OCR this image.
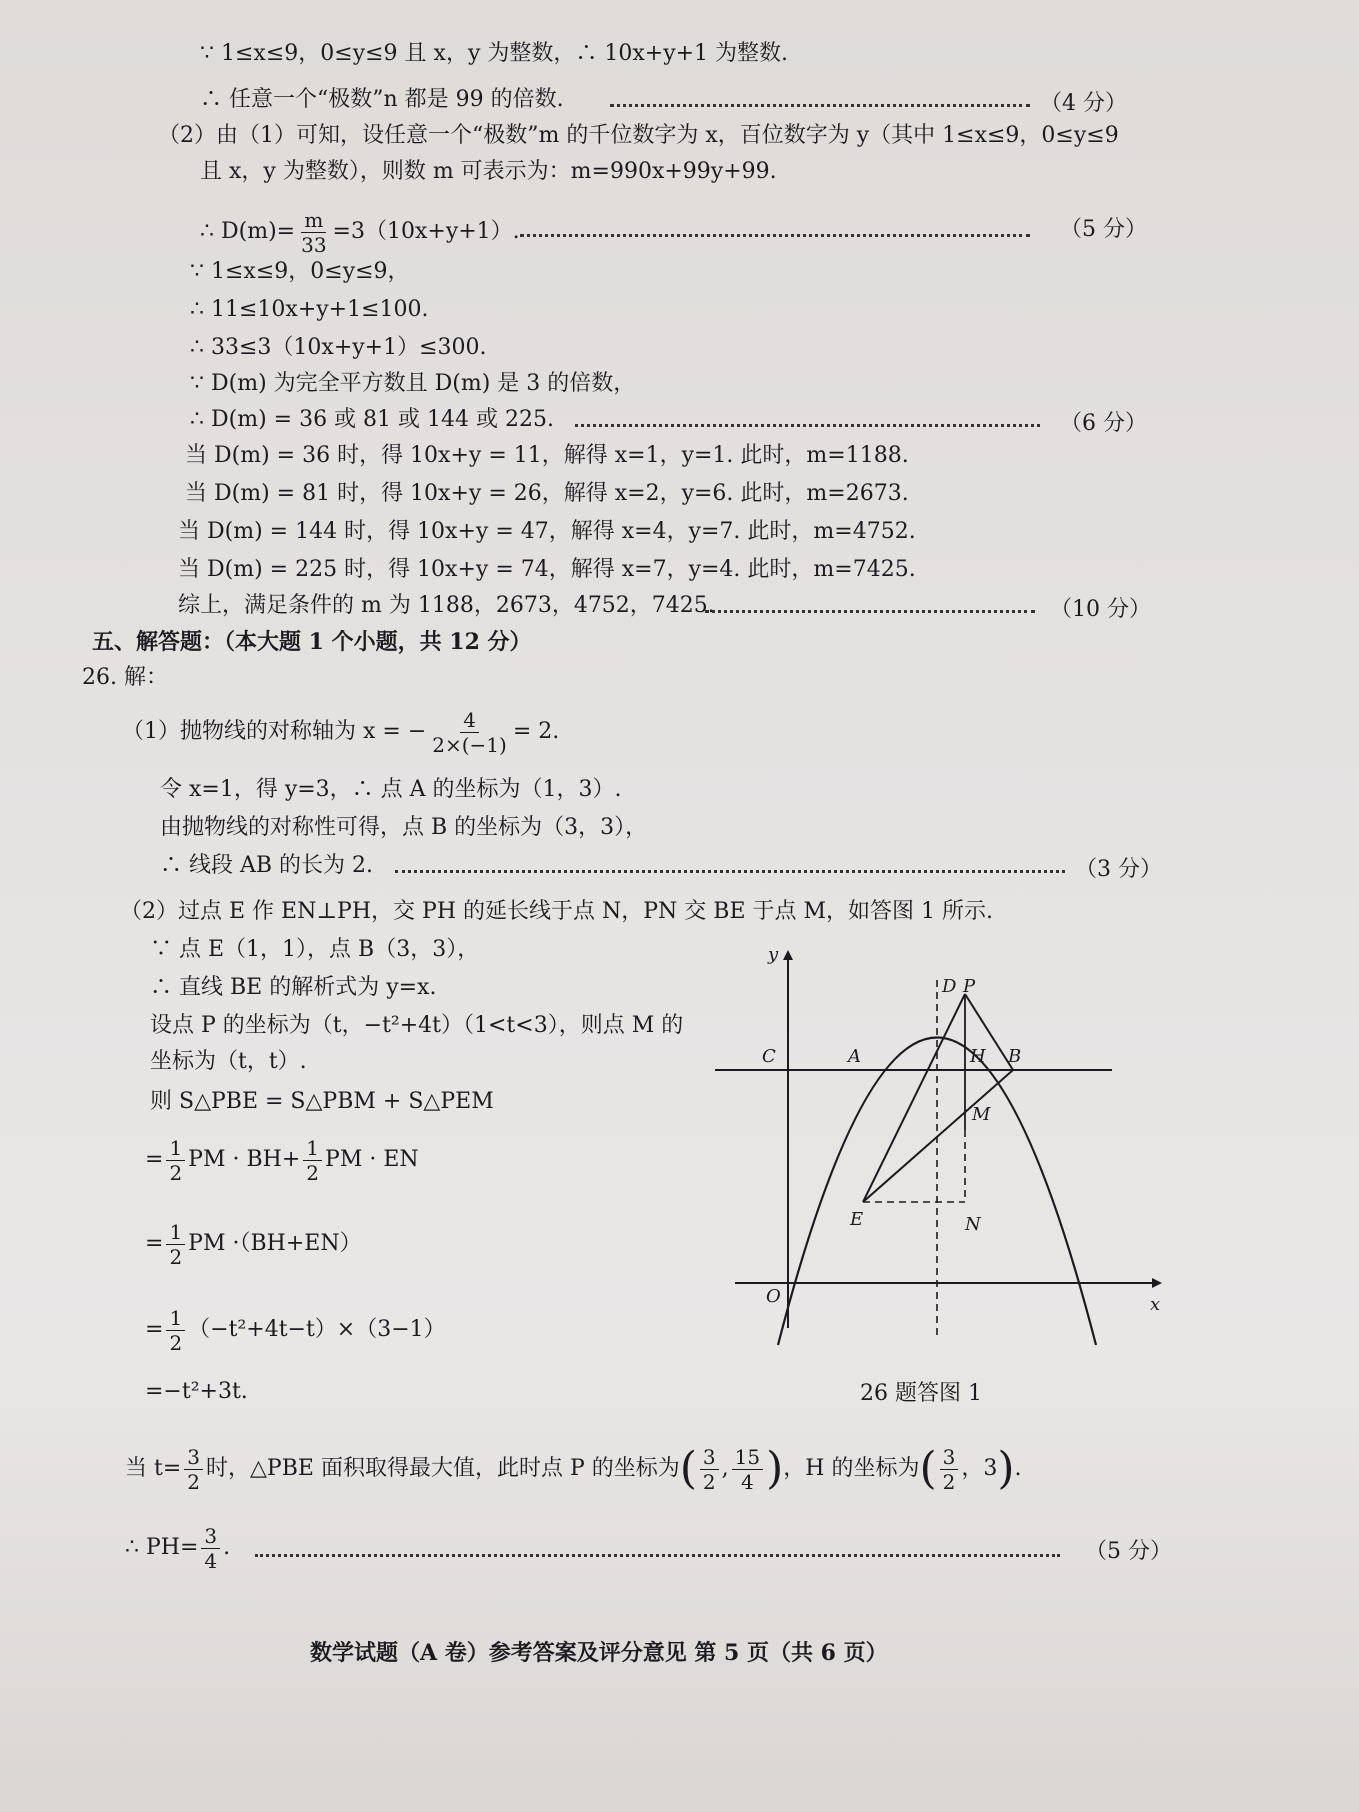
∵ 1≤x≤9，0≤y≤9 且 x，y 为整数，∴ 10x+y+1 为整数.
∴ 任意一个“极数”n 都是 99 的倍数.	（4 分）
（2）由（1）可知，设任意一个“极数”m 的千位数字为 x，百位数字为 y（其中 1≤x≤9，0≤y≤9
且 x，y 为整数），则数 m 可表示为：m=990x+99y+99.
∴ $D(m)= \frac{m}{33} =3(10x+y+1)$.	（5 分）
∵ 1≤x≤9，0≤y≤9，
∴ 11≤10x+y+1≤100.
∴ 33≤3（10x+y+1）≤300.
∵ D(m) 为完全平方数且 D(m) 是 3 的倍数，
∴ D(m) = 36 或 81 或 144 或 225.	（6 分）
当 D(m) = 36 时，得 10x+y = 11，解得 x=1，y=1. 此时，m=1188.
当 D(m) = 81 时，得 10x+y = 26，解得 x=2，y=6. 此时，m=2673.
当 D(m) = 144 时，得 10x+y = 47，解得 x=4，y=7. 此时，m=4752.
当 D(m) = 225 时，得 10x+y = 74，解得 x=7，y=4. 此时，m=7425.
综上，满足条件的 m 为 1188，2673，4752，7425.	（10 分）
五、解答题：（本大题 1 个小题，共 12 分）
26. 解：
（1）抛物线的对称轴为 x = − $\frac{4}{2\times(-1)} = 2$.
令 x=1，得 y=3，∴ 点 A 的坐标为（1，3）.
由抛物线的对称性可得，点 B 的坐标为（3，3），
∴ 线段 AB 的长为 2.	（3 分）
（2）过点 E 作 EN⊥PH，交 PH 的延长线于点 N，PN 交 BE 于点 M，如答图 1 所示.
∵ 点 E（1，1），点 B（3，3），
∴ 直线 BE 的解析式为 y=x.
设点 P 的坐标为（t，−t²+4t）（1<t<3），则点 M 的
坐标为（t，t）.
则 S△PBE = S△PBM + S△PEM
= $\frac{1}{2}$ PM · $BH+ \frac{1}{2}$ PM · EN
= $\frac{1}{2}$ PM ·（BH+EN）
= $\frac{1}{2} (-t^2+4t-t)\times(3-1)$
=−t²+3t.
当 $t= \frac{3}{2}$ 时，△PBE 面积取得最大值，此时点 P 的坐标为( $\frac{3}{2}$ , $\frac{15}{4}$ )，H 的坐标为( $\frac{3}{2}$ ，3).
∴ $PH= \frac{3}{4}$ .	（5 分）
y
x
O
C	A	B
D P
H
M
E	N
26 题答图 1
数学试题（A 卷）参考答案及评分意见 第 5 页（共 6 页）
